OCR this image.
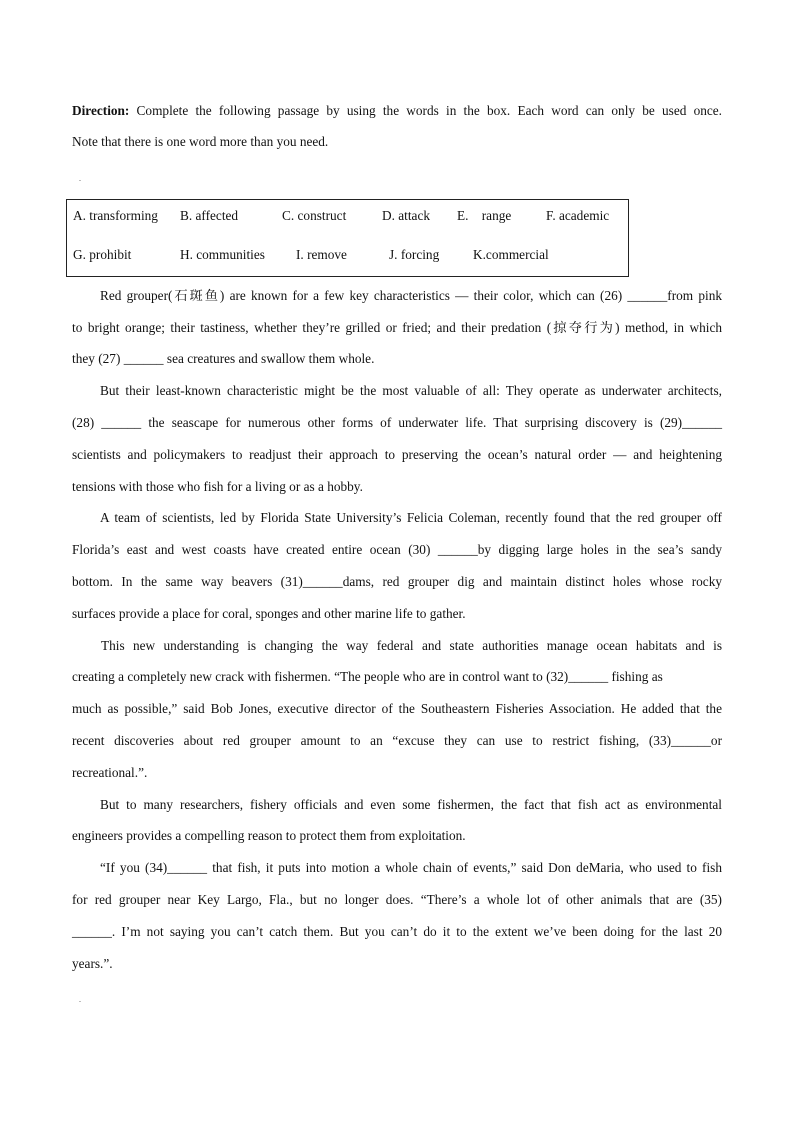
Direction: Complete the following passage by using the words in the box. Each word can only be used once.
Note that there is one word more than you need.
.
A. transforming B. affected	C. construct	D. attack E.    range	F. academic
G. prohibit	H. communities I. remove	J. forcing	K.commercial
Red grouper(石斑鱼) are known for a few key characteristics — their color, which can (26) ______from pink
to bright orange; their tastiness, whether they’re grilled or fried; and their predation (掠夺行为) method, in which
they (27) ______ sea creatures and swallow them whole.
But their least-known characteristic might be the most valuable of all: They operate as underwater architects,
(28) ______ the seascape for numerous other forms of underwater life. That surprising discovery is (29)______
scientists and policymakers to readjust their approach to preserving the ocean’s natural order — and heightening
tensions with those who fish for a living or as a hobby.
A team of scientists, led by Florida State University’s Felicia Coleman, recently found that the red grouper off
Florida’s east and west coasts have created entire ocean (30) ______by digging large holes in the sea’s sandy
bottom. In the same way beavers (31)______dams, red grouper dig and maintain distinct holes whose rocky
surfaces provide a place for coral, sponges and other marine life to gather.
This new understanding is changing the way federal and state authorities manage ocean habitats and is
creating a completely new crack with fishermen. “The people who are in control want to (32)______ fishing as
much as possible,” said Bob Jones, executive director of the Southeastern Fisheries Association. He added that the
recent discoveries about red grouper amount to an “excuse they can use to restrict fishing, (33)______or
recreational.”.
But to many researchers, fishery officials and even some fishermen, the fact that fish act as environmental
engineers provides a compelling reason to protect them from exploitation.
“If you (34)______ that fish, it puts into motion a whole chain of events,” said Don deMaria, who used to fish
for red grouper near Key Largo, Fla., but no longer does. “There’s a whole lot of other animals that are (35)
______. I’m not saying you can’t catch them. But you can’t do it to the extent we’ve been doing for the last 20
years.”.
.
